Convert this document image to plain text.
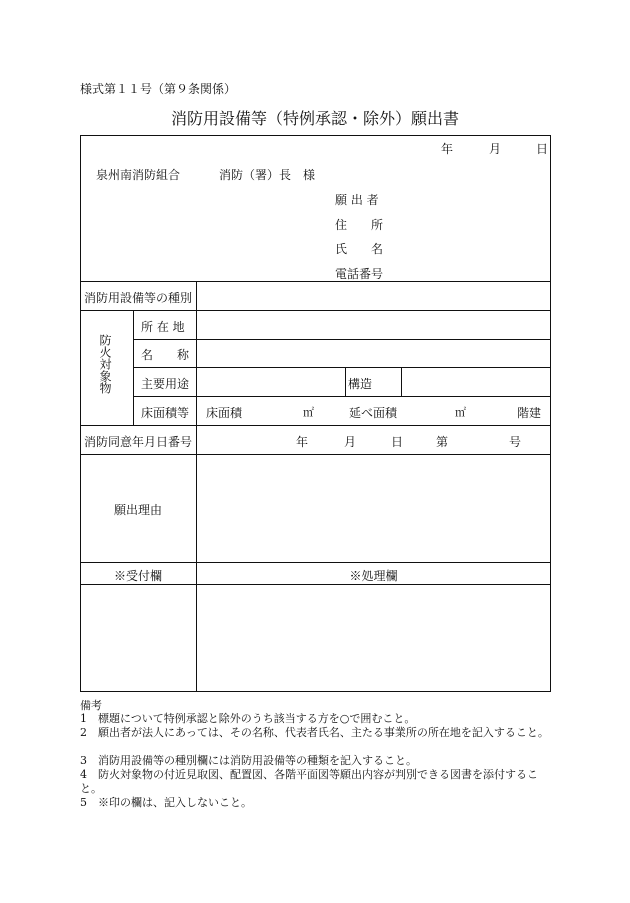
様式第１１号（第９条関係）
消防用設備等（特例承認・除外）願出書
年	月	日
泉州南消防組合	消防（署）長　様
願 出 者
住　　所
氏　　名
電話番号
消防用設備等の種別
防火対象物
所 在 地
名　　称
主要用途	構造
床面積等 床面積	㎡	延べ面積	㎡	階建
消防同意年月日番号	年	月	日	第	号
願出理由
※受付欄	※処理欄
備考
1 標題について特例承認と除外のうち該当する方を○で囲むこと。
2 願出者が法人にあっては、その名称、代表者氏名、主たる事業所の所在地を記入すること。
3 消防用設備等の種別欄には消防用設備等の種類を記入すること。
4 防火対象物の付近見取図、配置図、各階平面図等願出内容が判別できる図書を添付すること。
5 ※印の欄は、記入しないこと。
